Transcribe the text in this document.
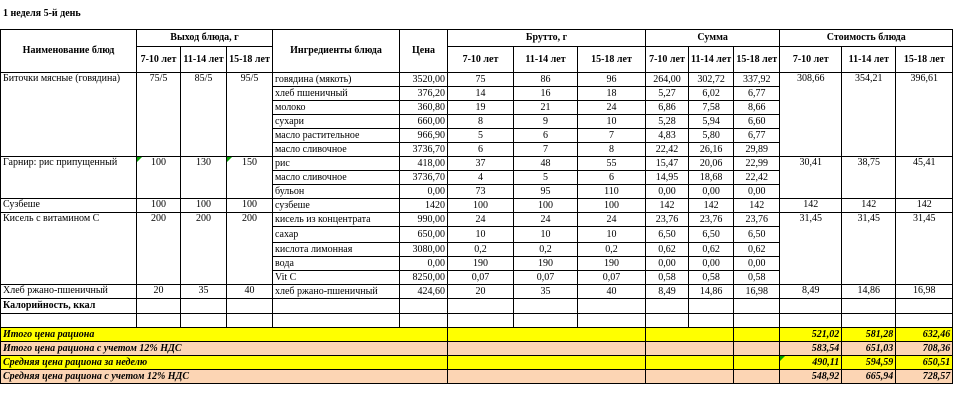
1 неделя 5-й день
Наименование блюд	Выход блюда, г			Ингредиенты блюда	Цена	Брутто, г			Сумма			Стоимость блюда		
	7-10 лет	11-14 лет	15-18 лет			7-10 лет	11-14 лет	15-18 лет	7-10 лет	11-14 лет	15-18 лет	7-10 лет	11-14 лет	15-18 лет
Биточки мясные (говядина)	75/5	85/5	95/5	говядина (мякоть)	3520,00	75	86	96	264,00	302,72	337,92	308,66	354,21	396,61
				хлеб пшеничный	376,20	14	16	18	5,27	6,02	6,77			
				молоко	360,80	19	21	24	6,86	7,58	8,66			
				сухари	660,00	8	9	10	5,28	5,94	6,60			
				масло растительное	966,90	5	6	7	4,83	5,80	6,77			
				масло сливочное	3736,70	6	7	8	22,42	26,16	29,89			
Гарнир: рис припущенный	100	130	150	рис	418,00	37	48	55	15,47	20,06	22,99	30,41	38,75	45,41
				масло сливочное	3736,70	4	5	6	14,95	18,68	22,42			
				бульон	0,00	73	95	110	0,00	0,00	0,00			
Сузбеше	100	100	100	сузбеше	1420	100	100	100	142	142	142	142	142	142
Кисель с витамином С	200	200	200	кисель из концентрата	990,00	24	24	24	23,76	23,76	23,76	31,45	31,45	31,45
				сахар	650,00	10	10	10	6,50	6,50	6,50			
				кислота лимонная	3080,00	0,2	0,2	0,2	0,62	0,62	0,62			
				вода	0,00	190	190	190	0,00	0,00	0,00			
				Vit C	8250,00	0,07	0,07	0,07	0,58	0,58	0,58			
Хлеб ржано-пшеничный	20	35	40	хлеб ржано-пшеничный	424,60	20	35	40	8,49	14,86	16,98	8,49	14,86	16,98
Калорийность, ккал														

Итого цена рациона												521,02	581,28	632,46
Итого цена рациона с учетом 12% НДС												583,54	651,03	708,36
Средняя цена рациона за неделю												490,11	594,59	650,51
Средняя цена рациона с учетом 12% НДС												548,92	665,94	728,57
